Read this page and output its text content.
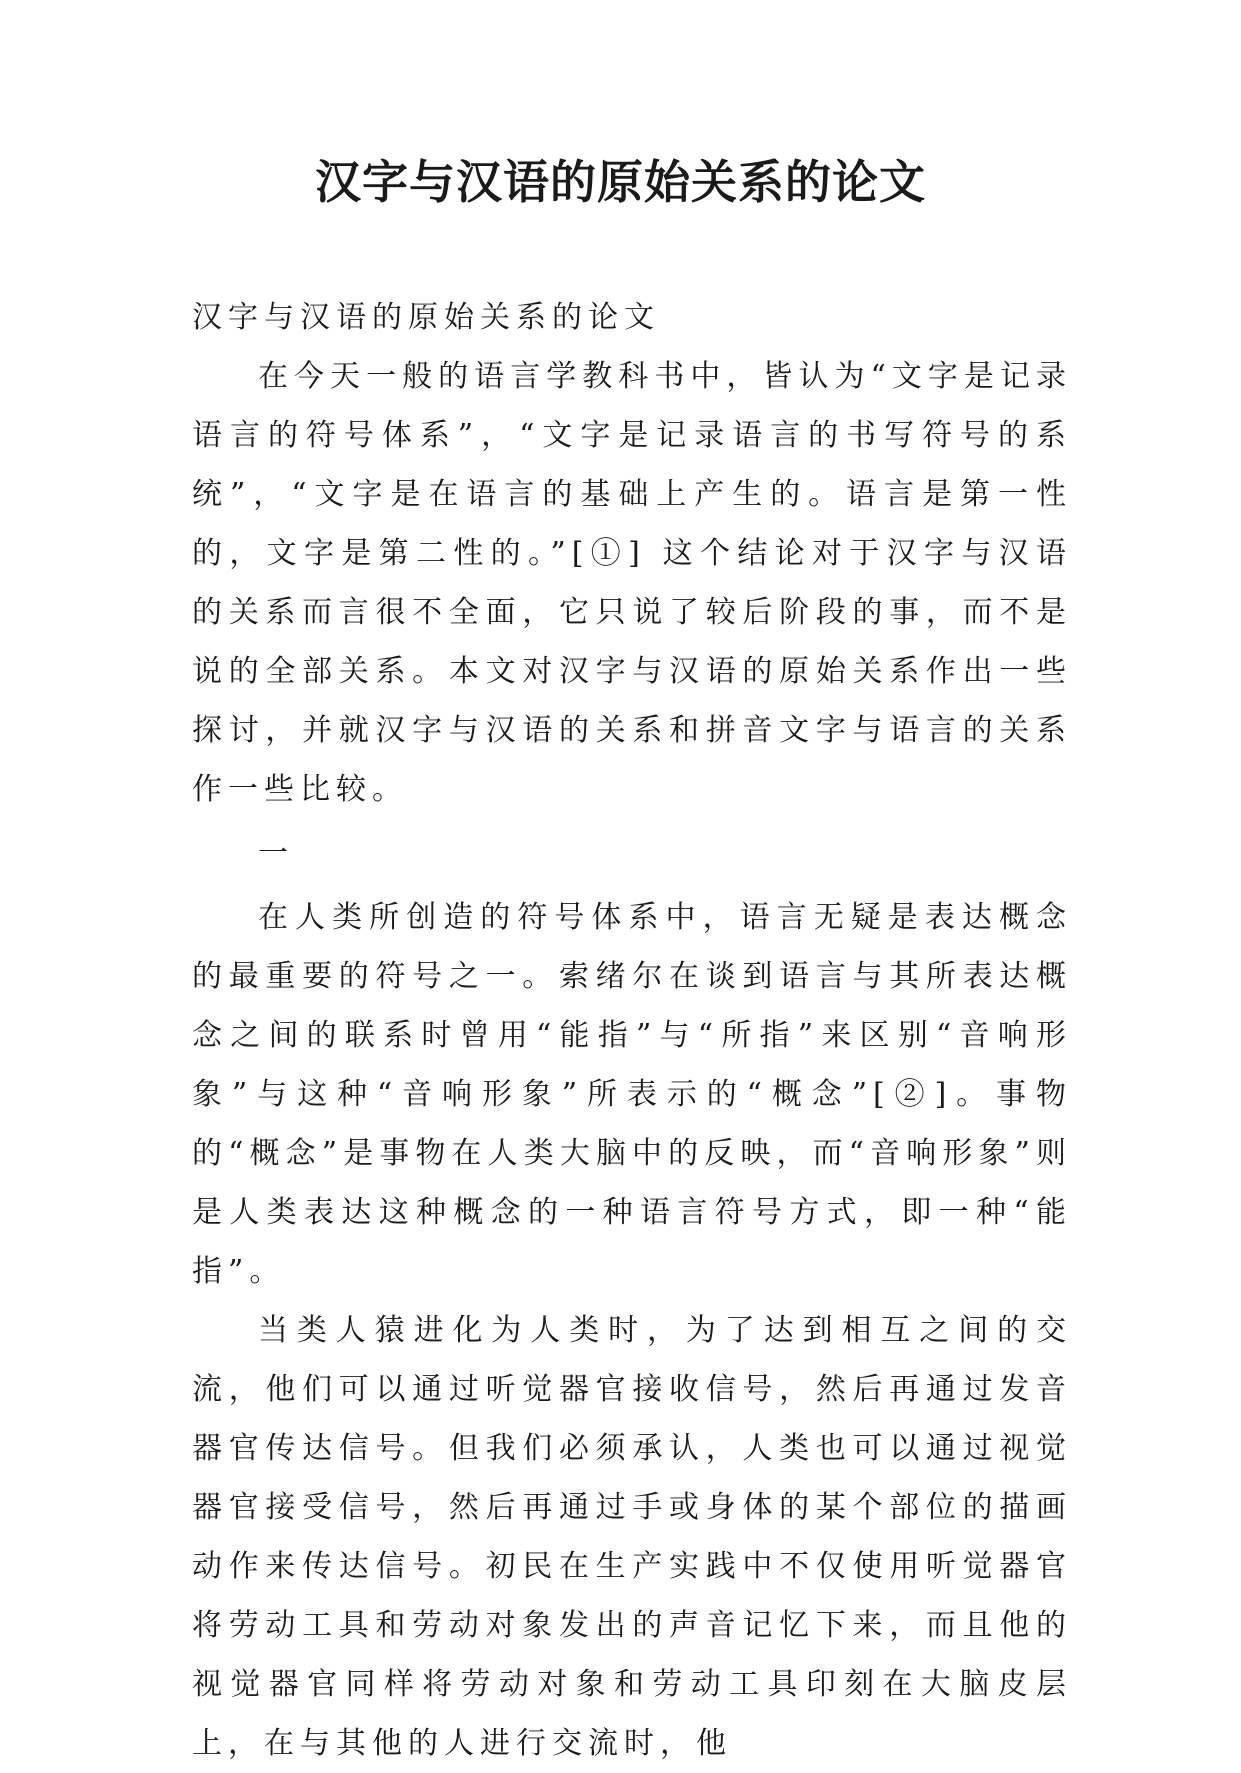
汉字与汉语的原始关系的论文

汉字与汉语的原始关系的论文

在今天一般的语言学教科书中，皆认为“文字是记录语言的符号体系”，“文字是记录语言的书写符号的系统”，“文字是在语言的基础上产生的。语言是第一性的，文字是第二性的。”[①] 这个结论对于汉字与汉语的关系而言很不全面，它只说了较后阶段的事，而不是说的全部关系。本文对汉字与汉语的原始关系作出一些探讨，并就汉字与汉语的关系和拼音文字与语言的关系作一些比较。

一

在人类所创造的符号体系中，语言无疑是表达概念的最重要的符号之一。索绪尔在谈到语言与其所表达概念之间的联系时曾用“能指”与“所指”来区别“音响形象”与这种“音响形象”所表示的“概念”[②]。事物的“概念”是事物在人类大脑中的反映，而“音响形象”则是人类表达这种概念的一种语言符号方式，即一种“能指”。

当类人猿进化为人类时，为了达到相互之间的交流，他们可以通过听觉器官接收信号，然后再通过发音器官传达信号。但我们必须承认，人类也可以通过视觉器官接受信号，然后再通过手或身体的某个部位的描画动作来传达信号。初民在生产实践中不仅使用听觉器官将劳动工具和劳动对象发出的声音记忆下来，而且他的视觉器官同样将劳动对象和劳动工具印刻在大脑皮层上，在与其他的人进行交流时，他
